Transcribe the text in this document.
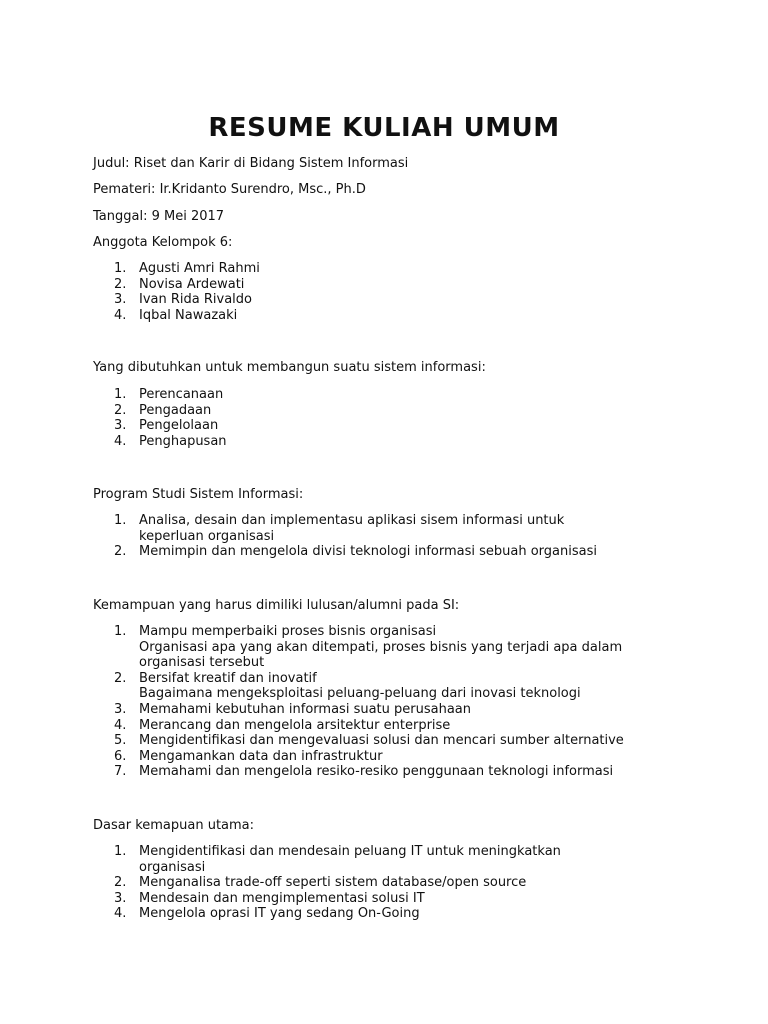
RESUME KULIAH UMUM

Judul: Riset dan Karir di Bidang Sistem Informasi

Pemateri: Ir.Kridanto Surendro, Msc., Ph.D

Tanggal: 9 Mei 2017

Anggota Kelompok 6:

1. Agusti Amri Rahmi
2. Novisa Ardewati
3. Ivan Rida Rivaldo
4. Iqbal Nawazaki

Yang dibutuhkan untuk membangun suatu sistem informasi:

1. Perencanaan
2. Pengadaan
3. Pengelolaan
4. Penghapusan

Program Studi Sistem Informasi:

1. Analisa, desain dan implementasu aplikasi sisem informasi untuk
keperluan organisasi
2. Memimpin dan mengelola divisi teknologi informasi sebuah organisasi

Kemampuan yang harus dimiliki lulusan/alumni pada SI:

1. Mampu memperbaiki proses bisnis organisasi
Organisasi apa yang akan ditempati, proses bisnis yang terjadi apa dalam
organisasi tersebut
2. Bersifat kreatif dan inovatif
Bagaimana mengeksploitasi peluang-peluang dari inovasi teknologi
3. Memahami kebutuhan informasi suatu perusahaan
4. Merancang dan mengelola arsitektur enterprise
5. Mengidentifikasi dan mengevaluasi solusi dan mencari sumber alternative
6. Mengamankan data dan infrastruktur
7. Memahami dan mengelola resiko-resiko penggunaan teknologi informasi

Dasar kemapuan utama:

1. Mengidentifikasi dan mendesain peluang IT untuk meningkatkan
organisasi
2. Menganalisa trade-off seperti sistem database/open source
3. Mendesain dan mengimplementasi solusi IT
4. Mengelola oprasi IT yang sedang On-Going
